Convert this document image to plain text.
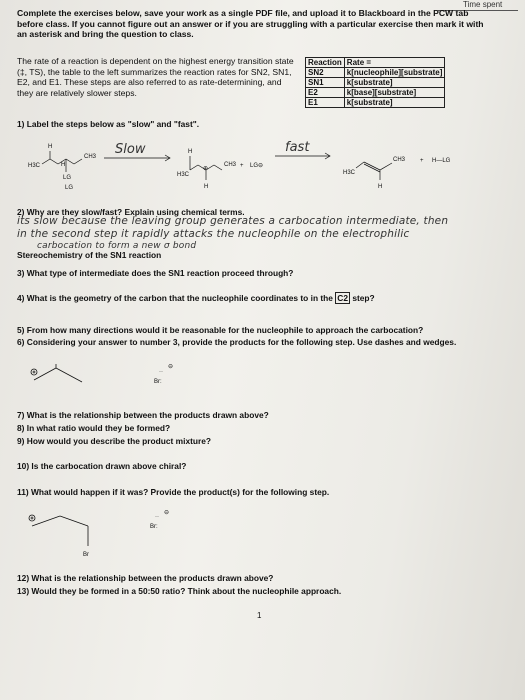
Time spent

Complete the exercises below, save your work as a single PDF file, and upload it to Blackboard in the PCW tab before class. If you cannot figure out an answer or if you are struggling with a particular exercise then mark it with an asterisk and bring the question to class.

The rate of a reaction is dependent on the highest energy transition state (‡, TS), the table to the left summarizes the reaction rates for SN2, SN1, E2, and E1. These steps are also referred to as rate-determining, and they are relatively slower steps.

Reaction	Rate =
SN2	k[nucleophile][substrate]
SN1	k[substrate]
E2	k[base][substrate]
E1	k[substrate]

1) Label the steps below as "slow" and "fast".

H3C
H
H
LG
CH3
LG
Slow	H
H3C
⊕
CH3
H
+ LG⊖
fast
H3C
CH3
H
+ H—LG

2) Why are they slow/fast? Explain using chemical terms.

its slow because the leaving group generates a carbocation intermediate, then
in the second step it rapidly attacks the nucleophile on the electrophilic
carbocation to form a new σ bond

Stereochemistry of the SN1 reaction

3) What type of intermediate does the SN1 reaction proceed through?

4) What is the geometry of the carbon that the nucleophile coordinates to in the C2 step?

5) From how many directions would it be reasonable for the nucleophile to approach the carbocation?

6) Considering your answer to number 3, provide the products for the following step. Use dashes and wedges.

Br:
··
⊖

7) What is the relationship between the products drawn above?

8) In what ratio would they be formed?

9) How would you describe the product mixture?

10) Is the carbocation drawn above chiral?

11) What would happen if it was? Provide the product(s) for the following step.

Br
Br:
··
⊖

12) What is the relationship between the products drawn above?

13) Would they be formed in a 50:50 ratio? Think about the nucleophile approach.

1
